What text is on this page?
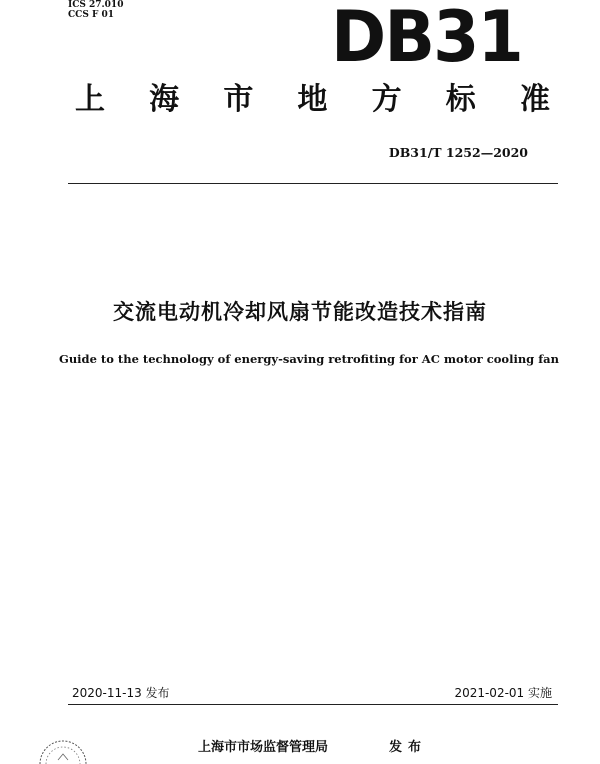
ICS 27.010
CCS F 01	DB31
上 海 市 地 方 标 准
DB31/T 1252—2020
交流电动机冷却风扇节能改造技术指南
Guide to the technology of energy-saving retrofiting for AC motor cooling fan
2020-11-13 发布	2021-02-01 实施
上海市市场监督管理局	发布
